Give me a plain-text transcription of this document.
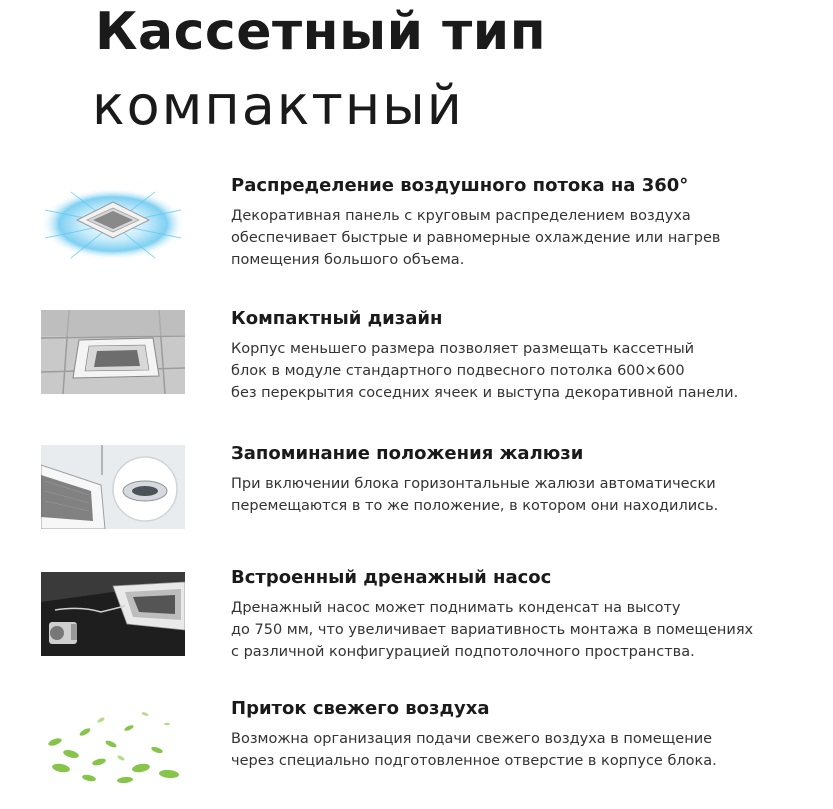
Кассетный тип
компактный
Распределение воздушного потока на 360°
Декоративная панель с круговым распределением воздуха
обеспечивает быстрые и равномерные охлаждение или нагрев
помещения большого объема.
Компактный дизайн
Корпус меньшего размера позволяет размещать кассетный
блок в модуле стандартного подвесного потолка 600×600
без перекрытия соседних ячеек и выступа декоративной панели.
Запоминание положения жалюзи
При включении блока горизонтальные жалюзи автоматически
перемещаются в то же положение, в котором они находились.
Встроенный дренажный насос
Дренажный насос может поднимать конденсат на высоту
до 750 мм, что увеличивает вариативность монтажа в помещениях
с различной конфигурацией подпотолочного пространства.
Приток свежего воздуха
Возможна организация подачи свежего воздуха в помещение
через специально подготовленное отверстие в корпусе блока.
